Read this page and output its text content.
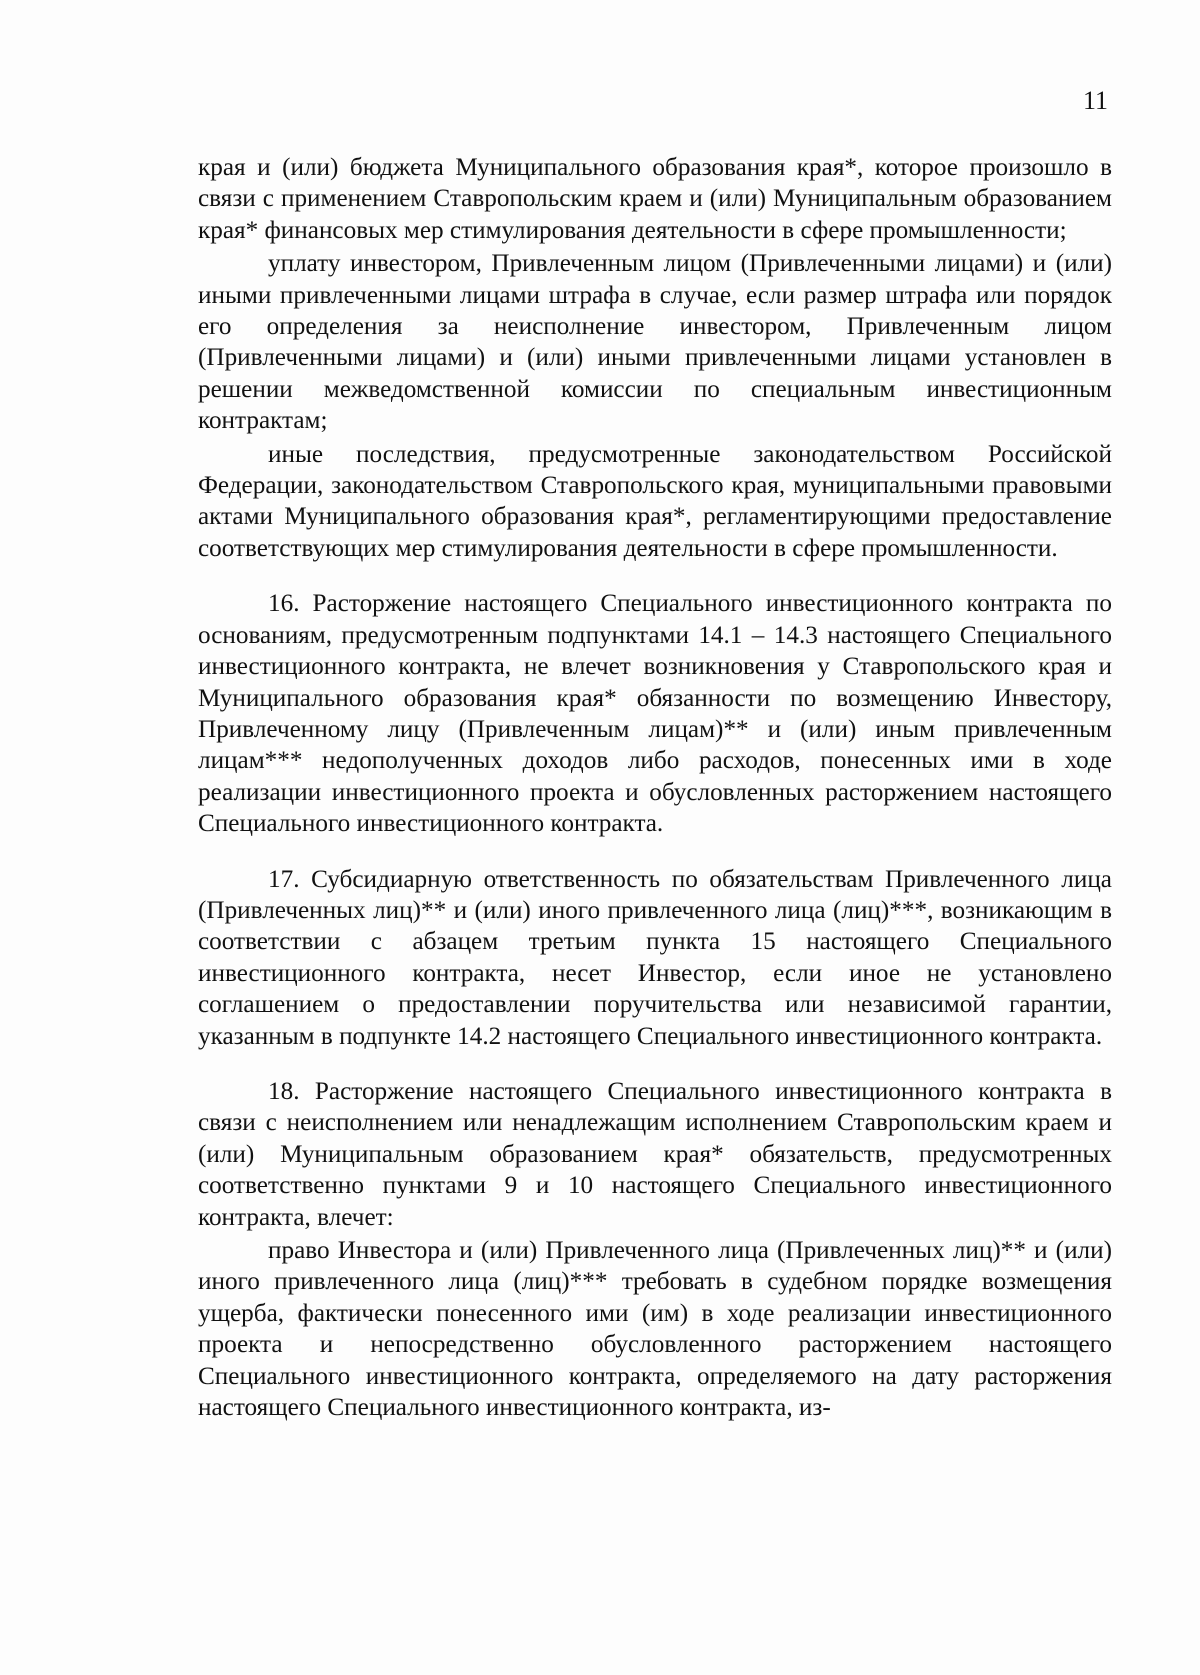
11

края и (или) бюджета Муниципального образования края*, которое произошло в связи с применением Ставропольским краем и (или) Муниципальным образованием края* финансовых мер стимулирования деятельности в сфере промышленности;

уплату инвестором, Привлеченным лицом (Привлеченными лицами) и (или) иными привлеченными лицами штрафа в случае, если размер штрафа или порядок его определения за неисполнение инвестором, Привлеченным лицом (Привлеченными лицами) и (или) иными привлеченными лицами установлен в решении межведомственной комиссии по специальным инвестиционным контрактам;

иные последствия, предусмотренные законодательством Российской Федерации, законодательством Ставропольского края, муниципальными правовыми актами Муниципального образования края*, регламентирующими предоставление соответствующих мер стимулирования деятельности в сфере промышленности.

16. Расторжение настоящего Специального инвестиционного контракта по основаниям, предусмотренным подпунктами 14.1 – 14.3 настоящего Специального инвестиционного контракта, не влечет возникновения у Ставропольского края и Муниципального образования края* обязанности по возмещению Инвестору, Привлеченному лицу (Привлеченным лицам)** и (или) иным привлеченным лицам*** недополученных доходов либо расходов, понесенных ими в ходе реализации инвестиционного проекта и обусловленных расторжением настоящего Специального инвестиционного контракта.

17. Субсидиарную ответственность по обязательствам Привлеченного лица (Привлеченных лиц)** и (или) иного привлеченного лица (лиц)***, возникающим в соответствии с абзацем третьим пункта 15 настоящего Специального инвестиционного контракта, несет Инвестор, если иное не установлено соглашением о предоставлении поручительства или независимой гарантии, указанным в подпункте 14.2 настоящего Специального инвестиционного контракта.

18. Расторжение настоящего Специального инвестиционного контракта в связи с неисполнением или ненадлежащим исполнением Ставропольским краем и (или) Муниципальным образованием края* обязательств, предусмотренных соответственно пунктами 9 и 10 настоящего Специального инвестиционного контракта, влечет:

право Инвестора и (или) Привлеченного лица (Привлеченных лиц)** и (или) иного привлеченного лица (лиц)*** требовать в судебном порядке возмещения ущерба, фактически понесенного ими (им) в ходе реализации инвестиционного проекта и непосредственно обусловленного расторжением настоящего Специального инвестиционного контракта, определяемого на дату расторжения настоящего Специального инвестиционного контракта, из-
